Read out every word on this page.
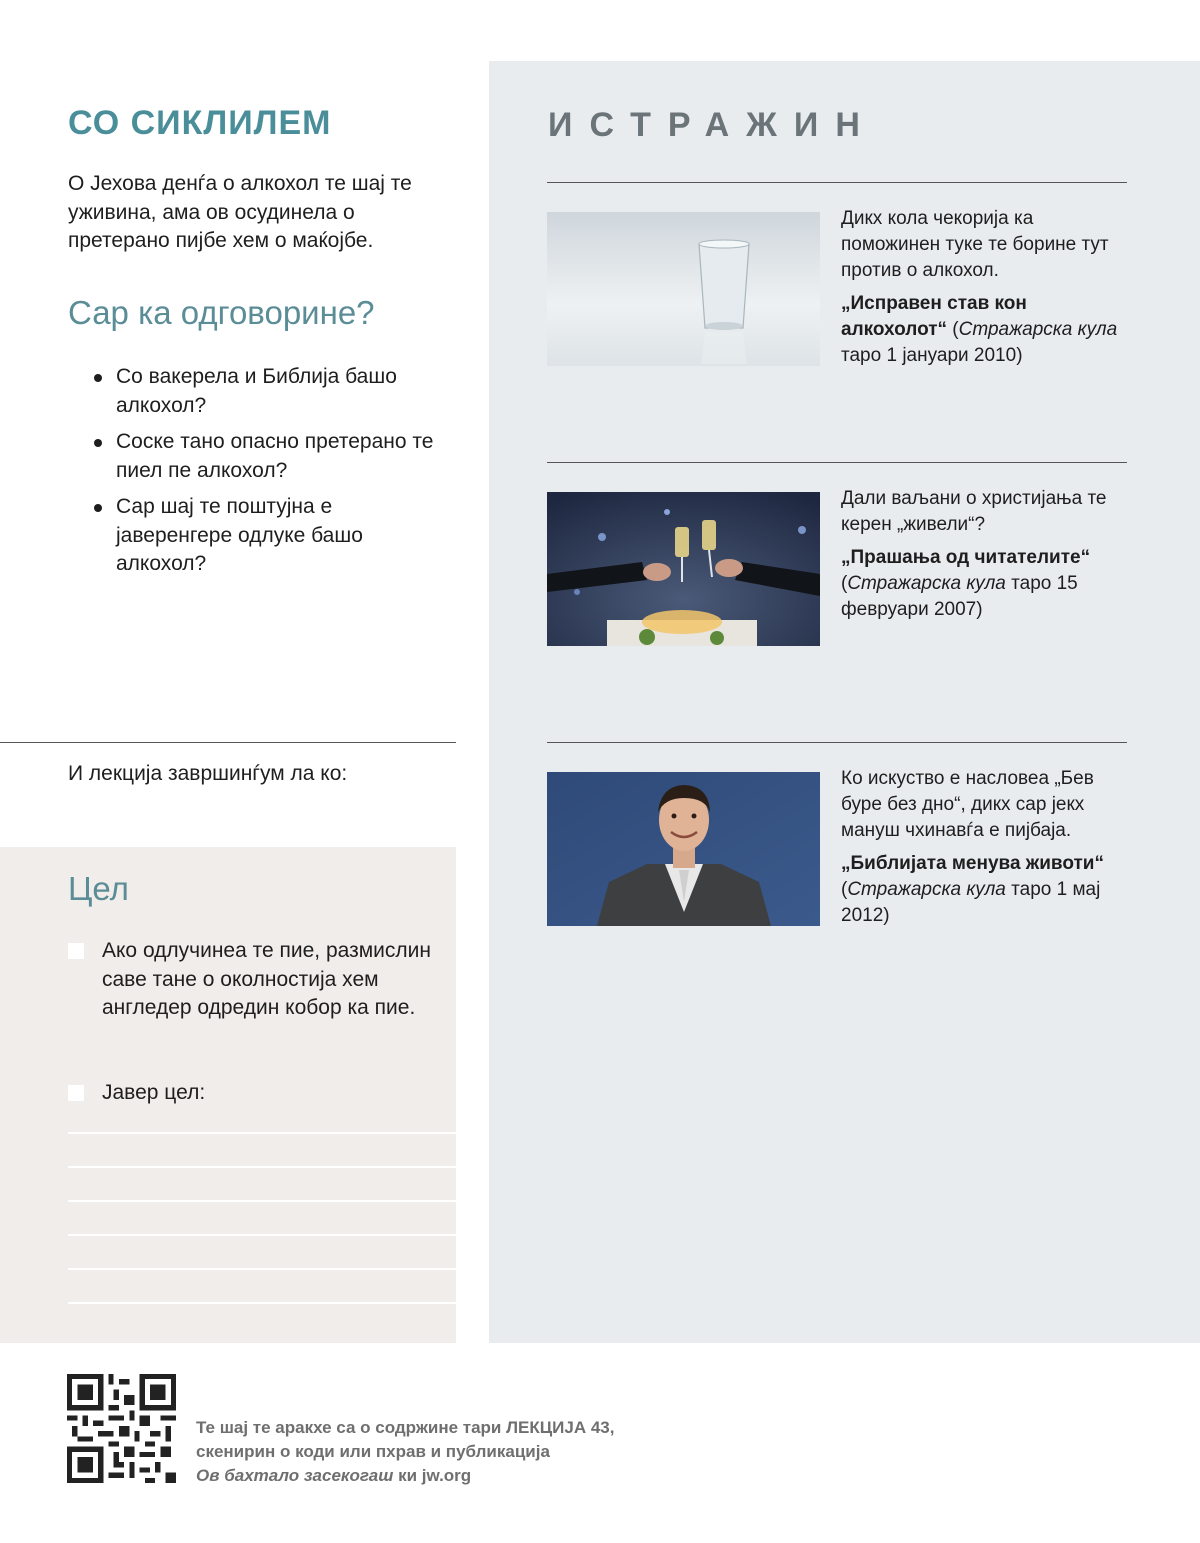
СО СИКЛИЛЕМ

О Јехова денѓа о алкохол те шај те уживина, ама ов осудинела о претерано пијбе хем о маќојбе.

Сар ка одговорине?
Со вакерела и Библија башо алкохол?
Соске тано опасно претерано те пиел пе алкохол?
Сар шај те поштујна е јаверенгере одлуке башо алкохол?

И лекција завршинѓум ла ко:

Цел
Ако одлучинеа те пие, размислин саве тане о околностија хем англедер одредин кобор ка пие.
Јавер цел:
ИСТРАЖИН
Дикх кола чекорија ка поможинен туке те борине тут против о алкохол.
„Исправен став кон алкохолот“ (Стражарска кула таро 1 јануари 2010)
Дали ваљани о христијања те керен „живели“?
„Прашања од читателите“
(Стражарска кула таро 15 февруари 2007)
Ко искуство е насловеа „Бев буре без дно“, дикх сар јекх мануш чхинавѓа е пијбаја.
„Библијата менува животи“
(Стражарска кула таро 1 мај 2012)
Те шај те аракхе са о содржине тари ЛЕКЦИЈА 43,
скенирин о коди или пхрав и публикација
Ов бахтало засекогаш ки jw.org
